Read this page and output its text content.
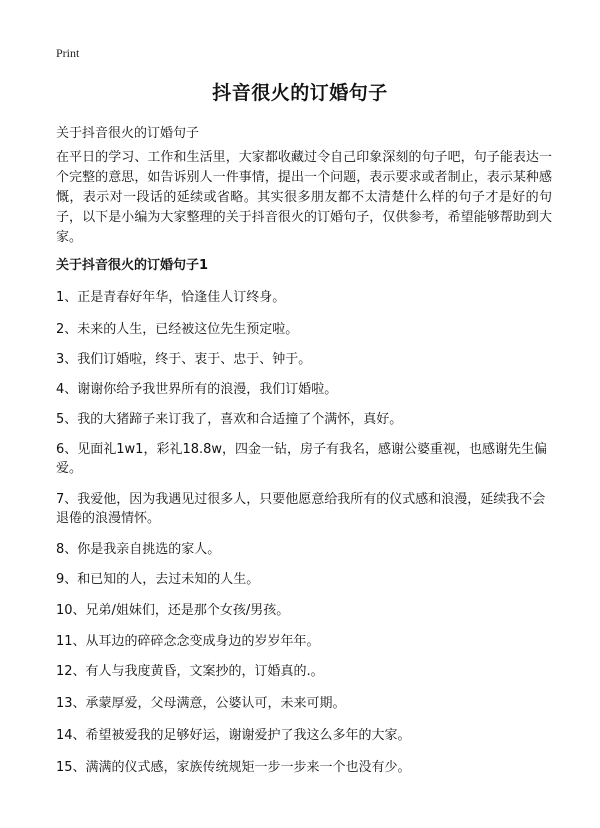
Print
抖音很火的订婚句子

关于抖音很火的订婚句子

在平日的学习、工作和生活里，大家都收藏过令自己印象深刻的句子吧，句子能表达一个完整的意思，如告诉别人一件事情，提出一个问题，表示要求或者制止，表示某种感慨，表示对一段话的延续或省略。其实很多朋友都不太清楚什么样的句子才是好的句子，以下是小编为大家整理的关于抖音很火的订婚句子，仅供参考，希望能够帮助到大家。

关于抖音很火的订婚句子1

1、正是青春好年华，恰逢佳人订终身。

2、未来的人生，已经被这位先生预定啦。

3、我们订婚啦，终于、衷于、忠于、钟于。

4、谢谢你给予我世界所有的浪漫，我们订婚啦。

5、我的大猪蹄子来订我了，喜欢和合适撞了个满怀，真好。

6、见面礼1w1，彩礼18.8w，四金一钻，房子有我名，感谢公婆重视，也感谢先生偏爱。

7、我爱他，因为我遇见过很多人，只要他愿意给我所有的仪式感和浪漫，延续我不会退倦的浪漫情怀。

8、你是我亲自挑选的家人。

9、和已知的人，去过未知的人生。

10、兄弟/姐妹们，还是那个女孩/男孩。

11、从耳边的碎碎念念变成身边的岁岁年年。

12、有人与我度黄昏，文案抄的，订婚真的.。

13、承蒙厚爱，父母满意，公婆认可，未来可期。

14、希望被爱我的足够好运，谢谢爱护了我这么多年的大家。

15、满满的仪式感，家族传统规矩一步一步来一个也没有少。
